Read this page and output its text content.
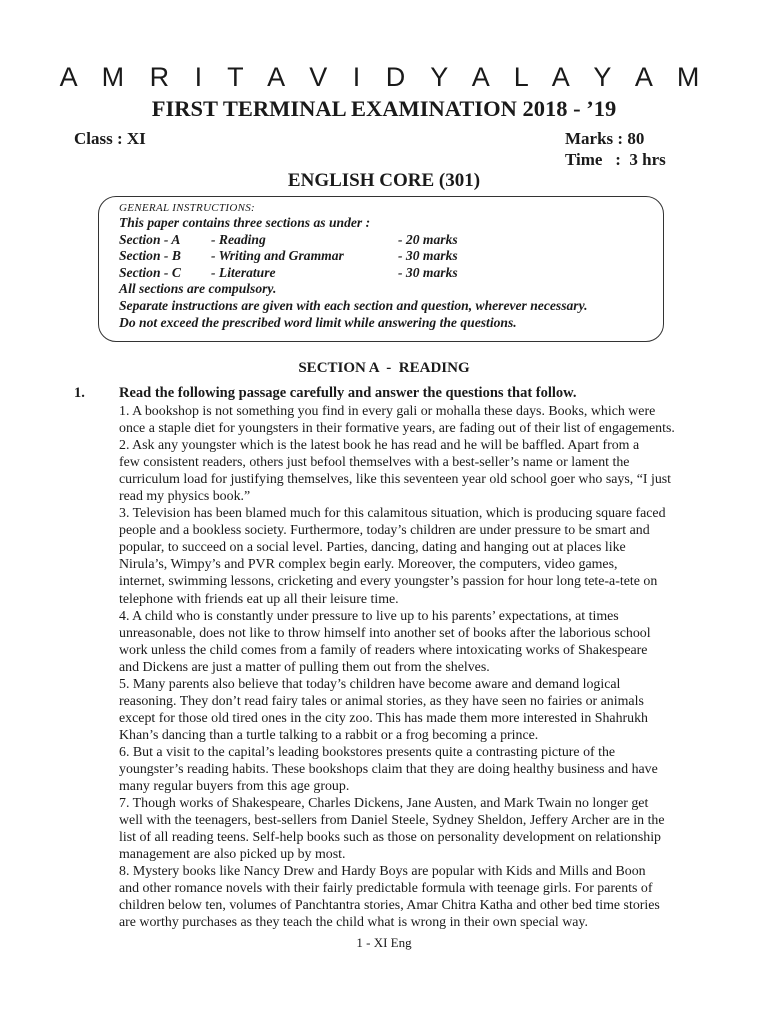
A M R I T A V I D Y A L A Y A M
FIRST TERMINAL EXAMINATION 2018 - ’19
Class : XI	Marks : 80
Time   :  3 hrs
ENGLISH CORE (301)
GENERAL INSTRUCTIONS:
This paper contains three sections as under :
Section - A - Reading	- 20 marks
Section - B - Writing and Grammar	- 30 marks
Section - C - Literature	- 30 marks
All sections are compulsory.
Separate instructions are given with each section and question, wherever necessary.
Do not exceed the prescribed word limit while answering the questions.
SECTION A  -  READING
1. Read the following passage carefully and answer the questions that follow.
1. A bookshop is not something you find in every gali or mohalla these days. Books, which were
once a staple diet for youngsters in their formative years, are fading out of their list of engagements.
2. Ask any youngster which is the latest book he has read and he will be baffled. Apart from a
few consistent readers, others just befool themselves with a best-seller’s name or lament the
curriculum load for justifying themselves, like this seventeen year old school goer who says, “I just
read my physics book.”
3. Television has been blamed much for this calamitous situation, which is producing square faced
people and a bookless society. Furthermore, today’s children are under pressure to be smart and
popular, to succeed on a social level. Parties, dancing, dating and hanging out at places like
Nirula’s, Wimpy’s and PVR complex begin early. Moreover, the computers, video games,
internet, swimming lessons, cricketing and every youngster’s passion for hour long tete-a-tete on
telephone with friends eat up all their leisure time.
4. A child who is constantly under pressure to live up to his parents’ expectations, at times
unreasonable, does not like to throw himself into another set of books after the laborious school
work unless the child comes from a family of readers where intoxicating works of Shakespeare
and Dickens are just a matter of pulling them out from the shelves.
5. Many parents also believe that today’s children have become aware and demand logical
reasoning. They don’t read fairy tales or animal stories, as they have seen no fairies or animals
except for those old tired ones in the city zoo. This has made them more interested in Shahrukh
Khan’s dancing than a turtle talking to a rabbit or a frog becoming a prince.
6. But a visit to the capital’s leading bookstores presents quite a contrasting picture of the
youngster’s reading habits. These bookshops claim that they are doing healthy business and have
many regular buyers from this age group.
7. Though works of Shakespeare, Charles Dickens, Jane Austen, and Mark Twain no longer get
well with the teenagers, best-sellers from Daniel Steele, Sydney Sheldon, Jeffery Archer are in the
list of all reading teens. Self-help books such as those on personality development on relationship
management are also picked up by most.
8. Mystery books like Nancy Drew and Hardy Boys are popular with Kids and Mills and Boon
and other romance novels with their fairly predictable formula with teenage girls. For parents of
children below ten, volumes of Panchtantra stories, Amar Chitra Katha and other bed time stories
are worthy purchases as they teach the child what is wrong in their own special way.
1 - XI Eng
